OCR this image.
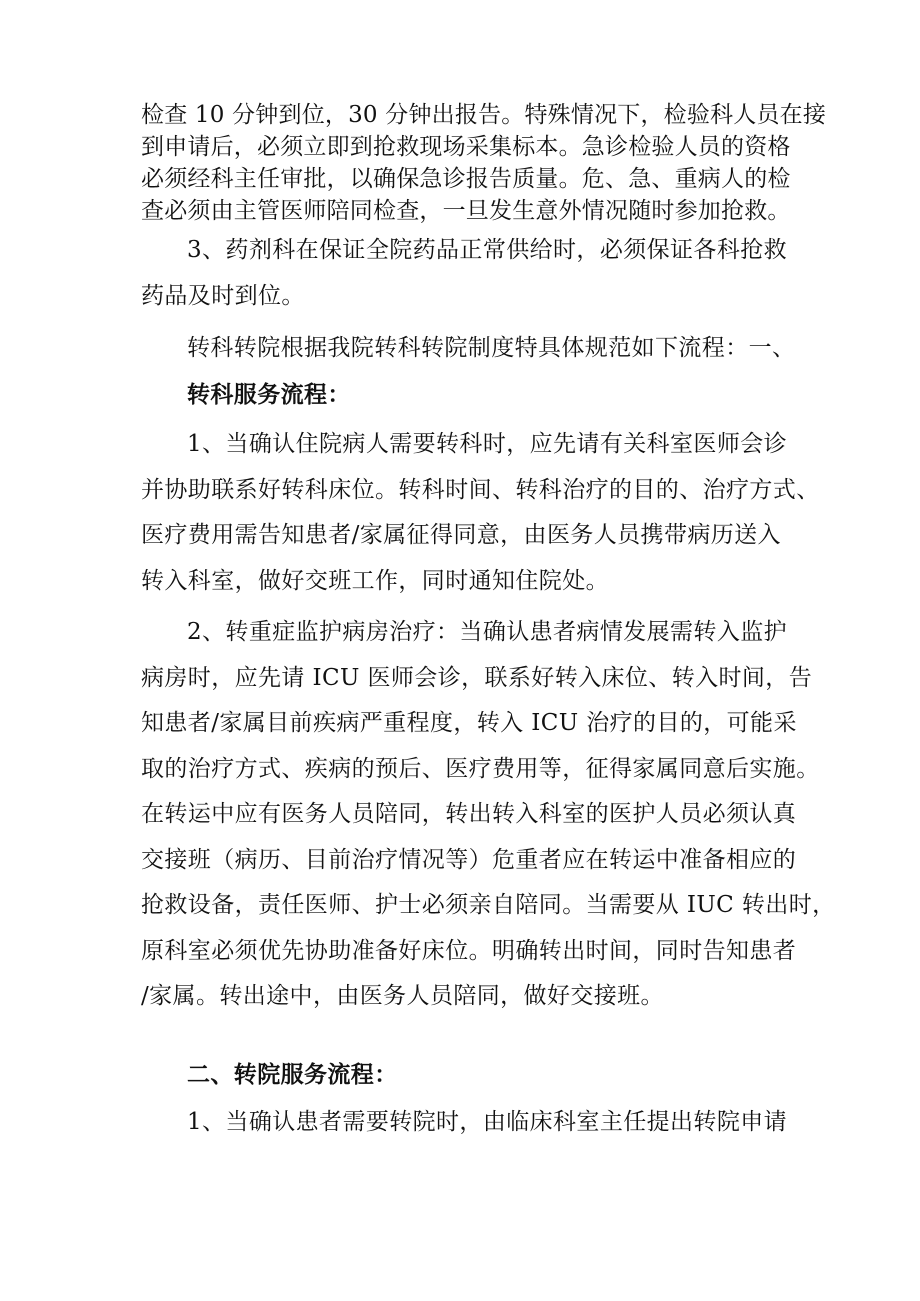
检查 10 分钟到位，30 分钟出报告。特殊情况下，检验科人员在接
到申请后，必须立即到抢救现场采集标本。急诊检验人员的资格
必须经科主任审批，以确保急诊报告质量。危、急、重病人的检
查必须由主管医师陪同检查，一旦发生意外情况随时参加抢救。

3、药剂科在保证全院药品正常供给时，必须保证各科抢救
药品及时到位。

转科转院根据我院转科转院制度特具体规范如下流程：一、

转科服务流程：

1、当确认住院病人需要转科时，应先请有关科室医师会诊
并协助联系好转科床位。转科时间、转科治疗的目的、治疗方式、
医疗费用需告知患者/家属征得同意，由医务人员携带病历送入
转入科室，做好交班工作，同时通知住院处。

2、转重症监护病房治疗：当确认患者病情发展需转入监护
病房时，应先请 ICU 医师会诊，联系好转入床位、转入时间，告
知患者/家属目前疾病严重程度，转入 ICU 治疗的目的，可能采
取的治疗方式、疾病的预后、医疗费用等，征得家属同意后实施。
在转运中应有医务人员陪同，转出转入科室的医护人员必须认真
交接班（病历、目前治疗情况等）危重者应在转运中准备相应的
抢救设备，责任医师、护士必须亲自陪同。当需要从 IUC 转出时，
原科室必须优先协助准备好床位。明确转出时间，同时告知患者
/家属。转出途中，由医务人员陪同，做好交接班。

二、转院服务流程：

1、当确认患者需要转院时，由临床科室主任提出转院申请
